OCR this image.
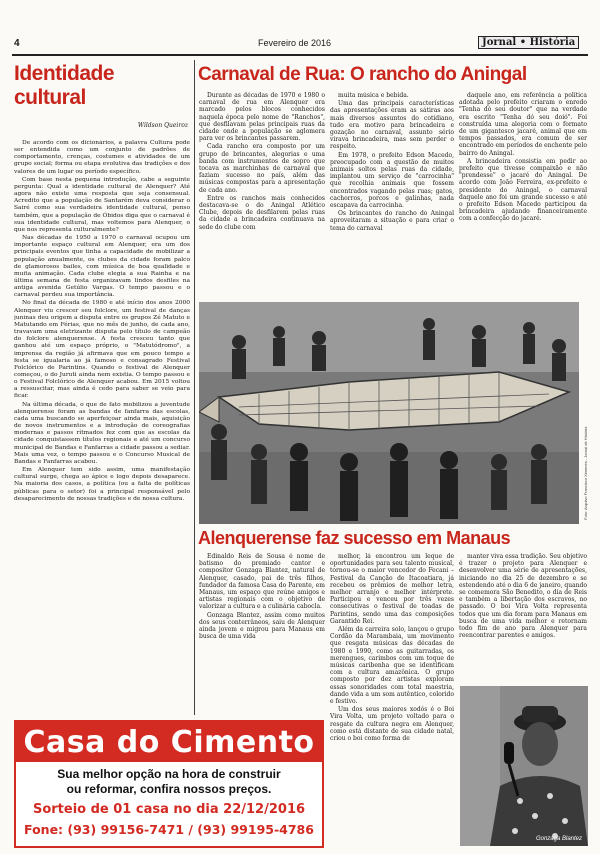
4	Fevereiro de 2016	Jornal • História
Identidade
cultural
Wildson Queiroz

De acordo com os dicionários, a palavra Cultura pode ser entendida como um conjunto de padrões de comportamento, crenças, costumes e atividades de um grupo social; forma ou etapa evolutiva das tradições e dos valores de um lugar ou período específico.

Com base nesta pequena introdução, cabe a seguinte pergunta: Qual a identidade cultural de Alenquer? Até agora não existe uma resposta que seja consensual. Acredito que a população de Santarém deva considerar o Sairé como sua verdadeira identidade cultural, penso também, que a população de Óbidos diga que o carnaval é sua identidade cultural, mas voltemos para Alenquer, o que nos representa culturalmente?

Nas décadas de 1950 a 1970 o carnaval ocupou um importante espaço cultural em Alenquer, era um dos principais eventos que tinha a capacidade de mobilizar a população anualmente, os clubes da cidade foram palco de glamorosos bailes, com música de boa qualidade e muita animação. Cada clube elegia a sua Rainha e na última semana de festa organizavam lindos desfiles na antiga avenida Getúlio Vargas. O tempo passou e o carnaval perdeu sua importância.

No final da década de 1980 e até início dos anos 2000 Alenquer viu crescer seu folclore, um festival de danças juninas deu origem a disputa entre os grupos Zé Matuto e Matutando em Férias, que no mês de junho, de cada ano, travavam uma eletrizante disputa pelo título de campeão do folclore alenquerense. A festa cresceu tanto que ganhou até um espaço próprio, o "Matutódromo", a imprensa da região já afirmava que em pouco tempo a festa se igualaria ao já famoso e consagrado Festival Folclórico de Parintins. Quando o festival de Alenquer começou, o do Juruti ainda nem existia. O tempo passou e o Festival Folclórico de Alenquer acabou. Em 2015 voltou a ressuscitar, mas ainda é cedo para saber se veio para ficar.

Na última década, o que de fato mobilizou a juventude alenquerense foram as bandas de fanfarra das escolas, cada uma buscando se aperfeiçoar ainda mais, aquisição de novos instrumentos e a introdução de coreografias modernas e passos rítmados fez com que as escolas da cidade conquistassem títulos regionais e até um concurso municipal de Bandas e Fanfarras a cidade passou a sediar. Mais uma vez, o tempo passou e o Concurso Musical de Bandas e Fanfarras acabou.

Em Alenquer tem sido assim, uma manifestação cultural surge, chega ao ápice e logo depois desaparece. Na maioria dos casos, a política (ou a falta de políticas públicas para o setor) foi a principal responsável pelo desaparecimento de nossas tradições e de nossa cultura.

Carnaval de Rua: O rancho do Aningal

Durante as décadas de 1970 e 1980 o carnaval de rua em Alenquer era marcado pelos blocos conhecidos naquela época pelo nome de "Ranchos", que desfilavam pelas principais ruas da cidade onde a população se aglomera para ver os brincantes passarem.

Cada rancho era composto por um grupo de brincantes, alegorias e uma banda com instrumentos de sopro que tocava as marchinhas de carnaval que faziam sucesso no país, além das músicas compostas para a apresentação de cada ano.

Entre os ranchos mais conhecidos destacava-se o do Aningal Atlético Clube, depois de desfilarem pelas ruas da cidade a brincadeira continuava na sede do clube com

muita música e bebida.

Uma das principais características das apresentações eram as sátiras aos mais diversos assuntos do cotidiano, tudo era motivo para brincadeira e gozação no carnaval, assunto sério virava brincadeira, mas sem perder o respeito.

Em 1978, o prefeito Edson Macedo, preocupado com a questão de muitos animais soltos pelas ruas da cidade, implantou um serviço de "carrocinha" que recolhia animais que fossem encontrados vagando pelas ruas; gatos, cachorros, porcos e galinhas, nada escapava da carrocinha.

Os brincantes do rancho do Aningal aproveitaram a situação e para criar o tema do carnaval

daquele ano, em referência a política adotada pelo prefeito criaram o enredo "Tenha dó seu doutor" que na verdade era escrito "Tenha dó seu doió". Foi construída uma alegoria com o formato de um gigantesco jacaré, animal que em tempos passados, era comum de ser encontrado em períodos de enchente pelo bairro do Aningal.

A brincadeira consistia em pedir ao prefeito que tivesse compaixão e não "prendesse" o jacaré do Aningal. De acordo com João Ferreira, ex-prefeito e presidente do Aningal, o carnaval daquele ano foi um grande sucesso e até o prefeito Edson Macedo participou da brincadeira ajudando financeiramente com a confecção do jacaré.

Foto: Arquivo Francisco Ximenes - Jornal de História
Alenquerense faz sucesso em Manaus

Edinaldo Reis de Sousa é nome de batismo do premiado cantor e compositor Gonzaga Blantez, natural de Alenquer, casado, pai de três filhos, fundador da famosa Casa do Parente, em Manaus, um espaço que reúne amigos e artistas regionais com o objetivo de valorizar a cultura e a culinária cabocla.

Gonzaga Blantez, assim como muitos dos seus conterrâneos, saiu de Alenquer ainda jovem e migrou para Manaus em busca de uma vida

melhor, lá encontrou um leque de oportunidades para seu talento musical, tornou-se o maior vencedor do Fecani – Festival da Canção de Itacoatiara, já recebeu os prêmios de melhor letra, melhor arranjo e melhor intérprete. Participou e venceu por três vezes consecutivas o festival de toadas de Parintins, sendo uma das composições Garantido Rei.

Além da carreira solo, lançou o grupo Cordão da Marambaia, um movimento que resgata músicas das décadas de 1980 e 1990, como as guitarradas, os merengues, carimbos com um toque de músicas caribenha que se identificam com a cultura amazônica. O grupo composto por dez artistas exploram essas sonoridades com total maestria, dando vida a um som autêntico, colorido e festivo.

Um dos seus maiores xodós é o Boi Vira Volta, um projeto voltado para o resgate da cultura negra em Alenquer, como está distante de sua cidade natal, criou o boi como forma de

manter viva essa tradição. Seu objetivo é trazer o projeto para Alenquer e desenvolver uma série de apresentações, iniciando no dia 25 de dezembro e se estendendo até o dia 6 de janeiro, quando se comemora São Benedito, o dia de Reis e também a libertação dos escravos, no passado. O boi Vira Volta representa todos que um dia foram para Manaus em busca de uma vida melhor e retornam todo fim de ano para Alenquer para reencontrar parentes e amigos.

Gonzaga Blantez
Casa do Cimento
Sua melhor opção na hora de construir
ou reformar, confira nossos preços.
Sorteio de 01 casa no dia 22/12/2016
Fone: (93) 99156-7471 / (93) 99195-4786
